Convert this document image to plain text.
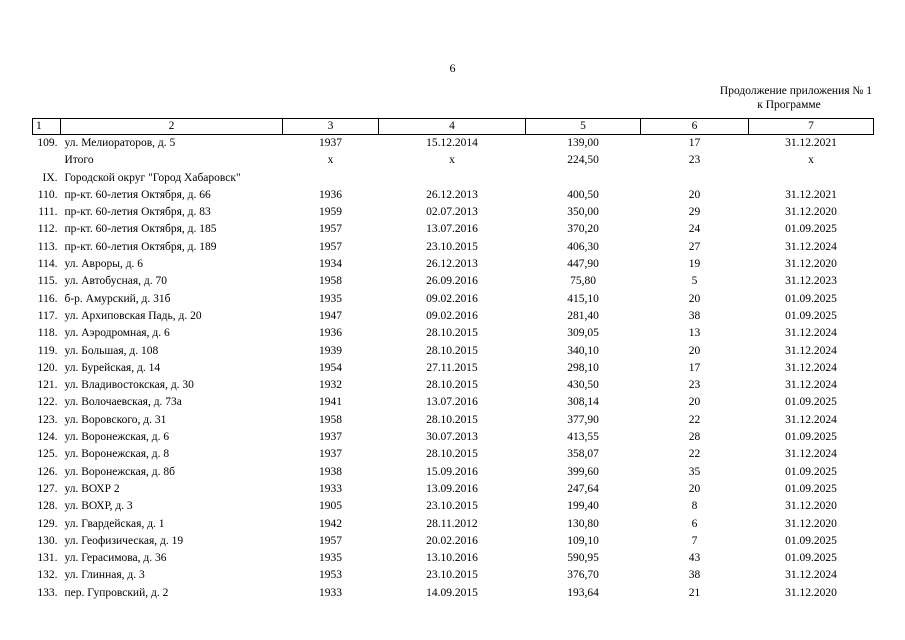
6
Продолжение приложения № 1
к Программе
1	2	3	4	5	6	7
109.	ул. Мелиораторов, д. 5	1937	15.12.2014	139,00	17	31.12.2021
	Итого	х	х	224,50	23	х
IX.	Городской округ "Город Хабаровск"					
110.	пр-кт. 60-летия Октября, д. 66	1936	26.12.2013	400,50	20	31.12.2021
111.	пр-кт. 60-летия Октября, д. 83	1959	02.07.2013	350,00	29	31.12.2020
112.	пр-кт. 60-летия Октября, д. 185	1957	13.07.2016	370,20	24	01.09.2025
113.	пр-кт. 60-летия Октября, д. 189	1957	23.10.2015	406,30	27	31.12.2024
114.	ул. Авроры, д. 6	1934	26.12.2013	447,90	19	31.12.2020
115.	ул. Автобусная, д. 70	1958	26.09.2016	75,80	5	31.12.2023
116.	б-р. Амурский, д. 31б	1935	09.02.2016	415,10	20	01.09.2025
117.	ул. Архиповская Падь, д. 20	1947	09.02.2016	281,40	38	01.09.2025
118.	ул. Аэродромная, д. 6	1936	28.10.2015	309,05	13	31.12.2024
119.	ул. Большая, д. 108	1939	28.10.2015	340,10	20	31.12.2024
120.	ул. Бурейская, д. 14	1954	27.11.2015	298,10	17	31.12.2024
121.	ул. Владивостокская, д. 30	1932	28.10.2015	430,50	23	31.12.2024
122.	ул. Волочаевская, д. 73а	1941	13.07.2016	308,14	20	01.09.2025
123.	ул. Воровского, д. 31	1958	28.10.2015	377,90	22	31.12.2024
124.	ул. Воронежская, д. 6	1937	30.07.2013	413,55	28	01.09.2025
125.	ул. Воронежская, д. 8	1937	28.10.2015	358,07	22	31.12.2024
126.	ул. Воронежская, д. 8б	1938	15.09.2016	399,60	35	01.09.2025
127.	ул. ВОХР 2	1933	13.09.2016	247,64	20	01.09.2025
128.	ул. ВОХР, д. 3	1905	23.10.2015	199,40	8	31.12.2020
129.	ул. Гвардейская, д. 1	1942	28.11.2012	130,80	6	31.12.2020
130.	ул. Геофизическая, д. 19	1957	20.02.2016	109,10	7	01.09.2025
131.	ул. Герасимова, д. 36	1935	13.10.2016	590,95	43	01.09.2025
132.	ул. Глинная, д. 3	1953	23.10.2015	376,70	38	31.12.2024
133.	пер. Гупровский, д. 2	1933	14.09.2015	193,64	21	31.12.2020
